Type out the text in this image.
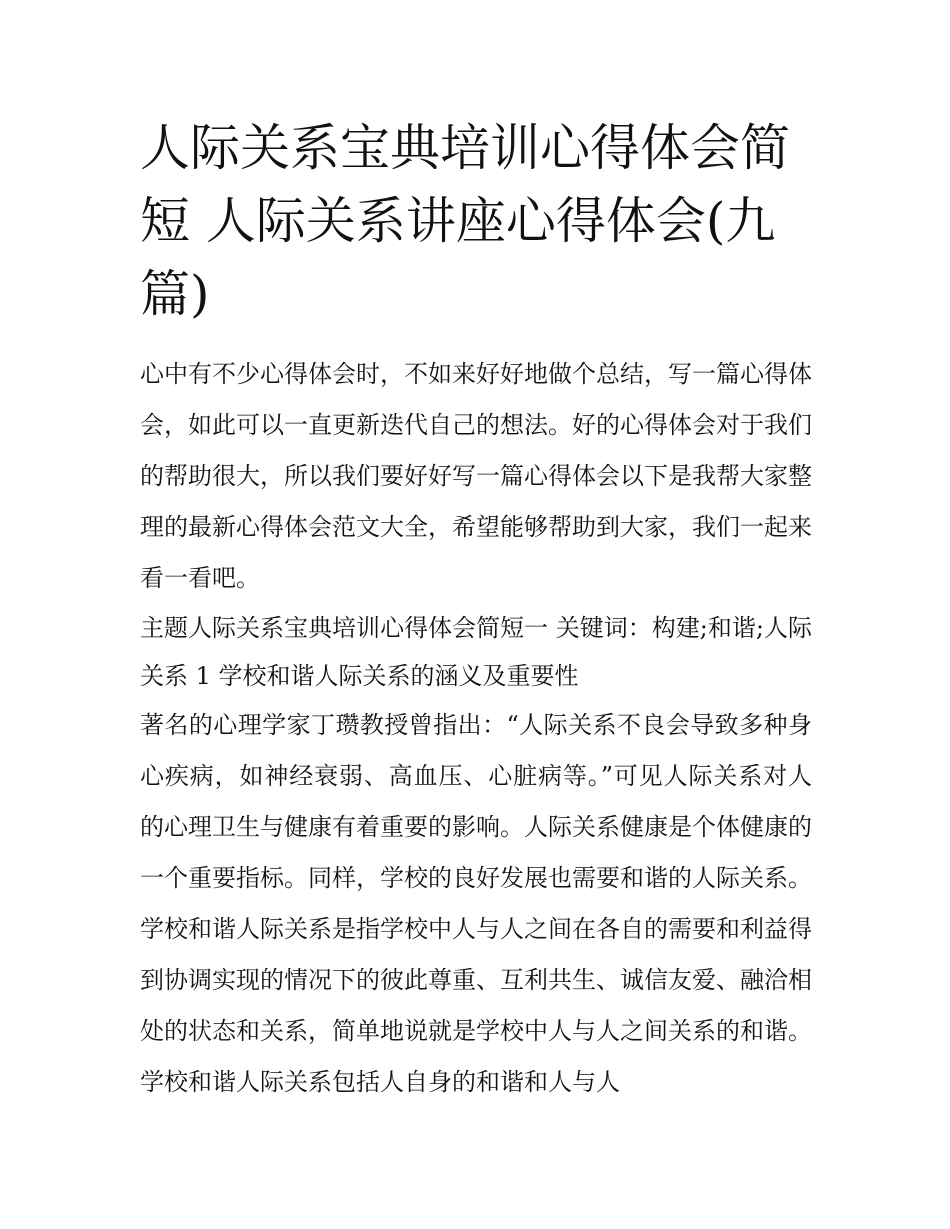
人际关系宝典培训心得体会简短 人际关系讲座心得体会(九篇)

心中有不少心得体会时，不如来好好地做个总结，写一篇心得体会，如此可以一直更新迭代自己的想法。好的心得体会对于我们的帮助很大，所以我们要好好写一篇心得体会以下是我帮大家整理的最新心得体会范文大全，希望能够帮助到大家，我们一起来看一看吧。

主题人际关系宝典培训心得体会简短一 关键词：构建;和谐;人际关系 1 学校和谐人际关系的涵义及重要性

著名的心理学家丁瓒教授曾指出：“人际关系不良会导致多种身心疾病，如神经衰弱、高血压、心脏病等。”可见人际关系对人的心理卫生与健康有着重要的影响。人际关系健康是个体健康的一个重要指标。同样，学校的良好发展也需要和谐的人际关系。学校和谐人际关系是指学校中人与人之间在各自的需要和利益得到协调实现的情况下的彼此尊重、互利共生、诚信友爱、融洽相处的状态和关系，简单地说就是学校中人与人之间关系的和谐。学校和谐人际关系包括人自身的和谐和人与人
